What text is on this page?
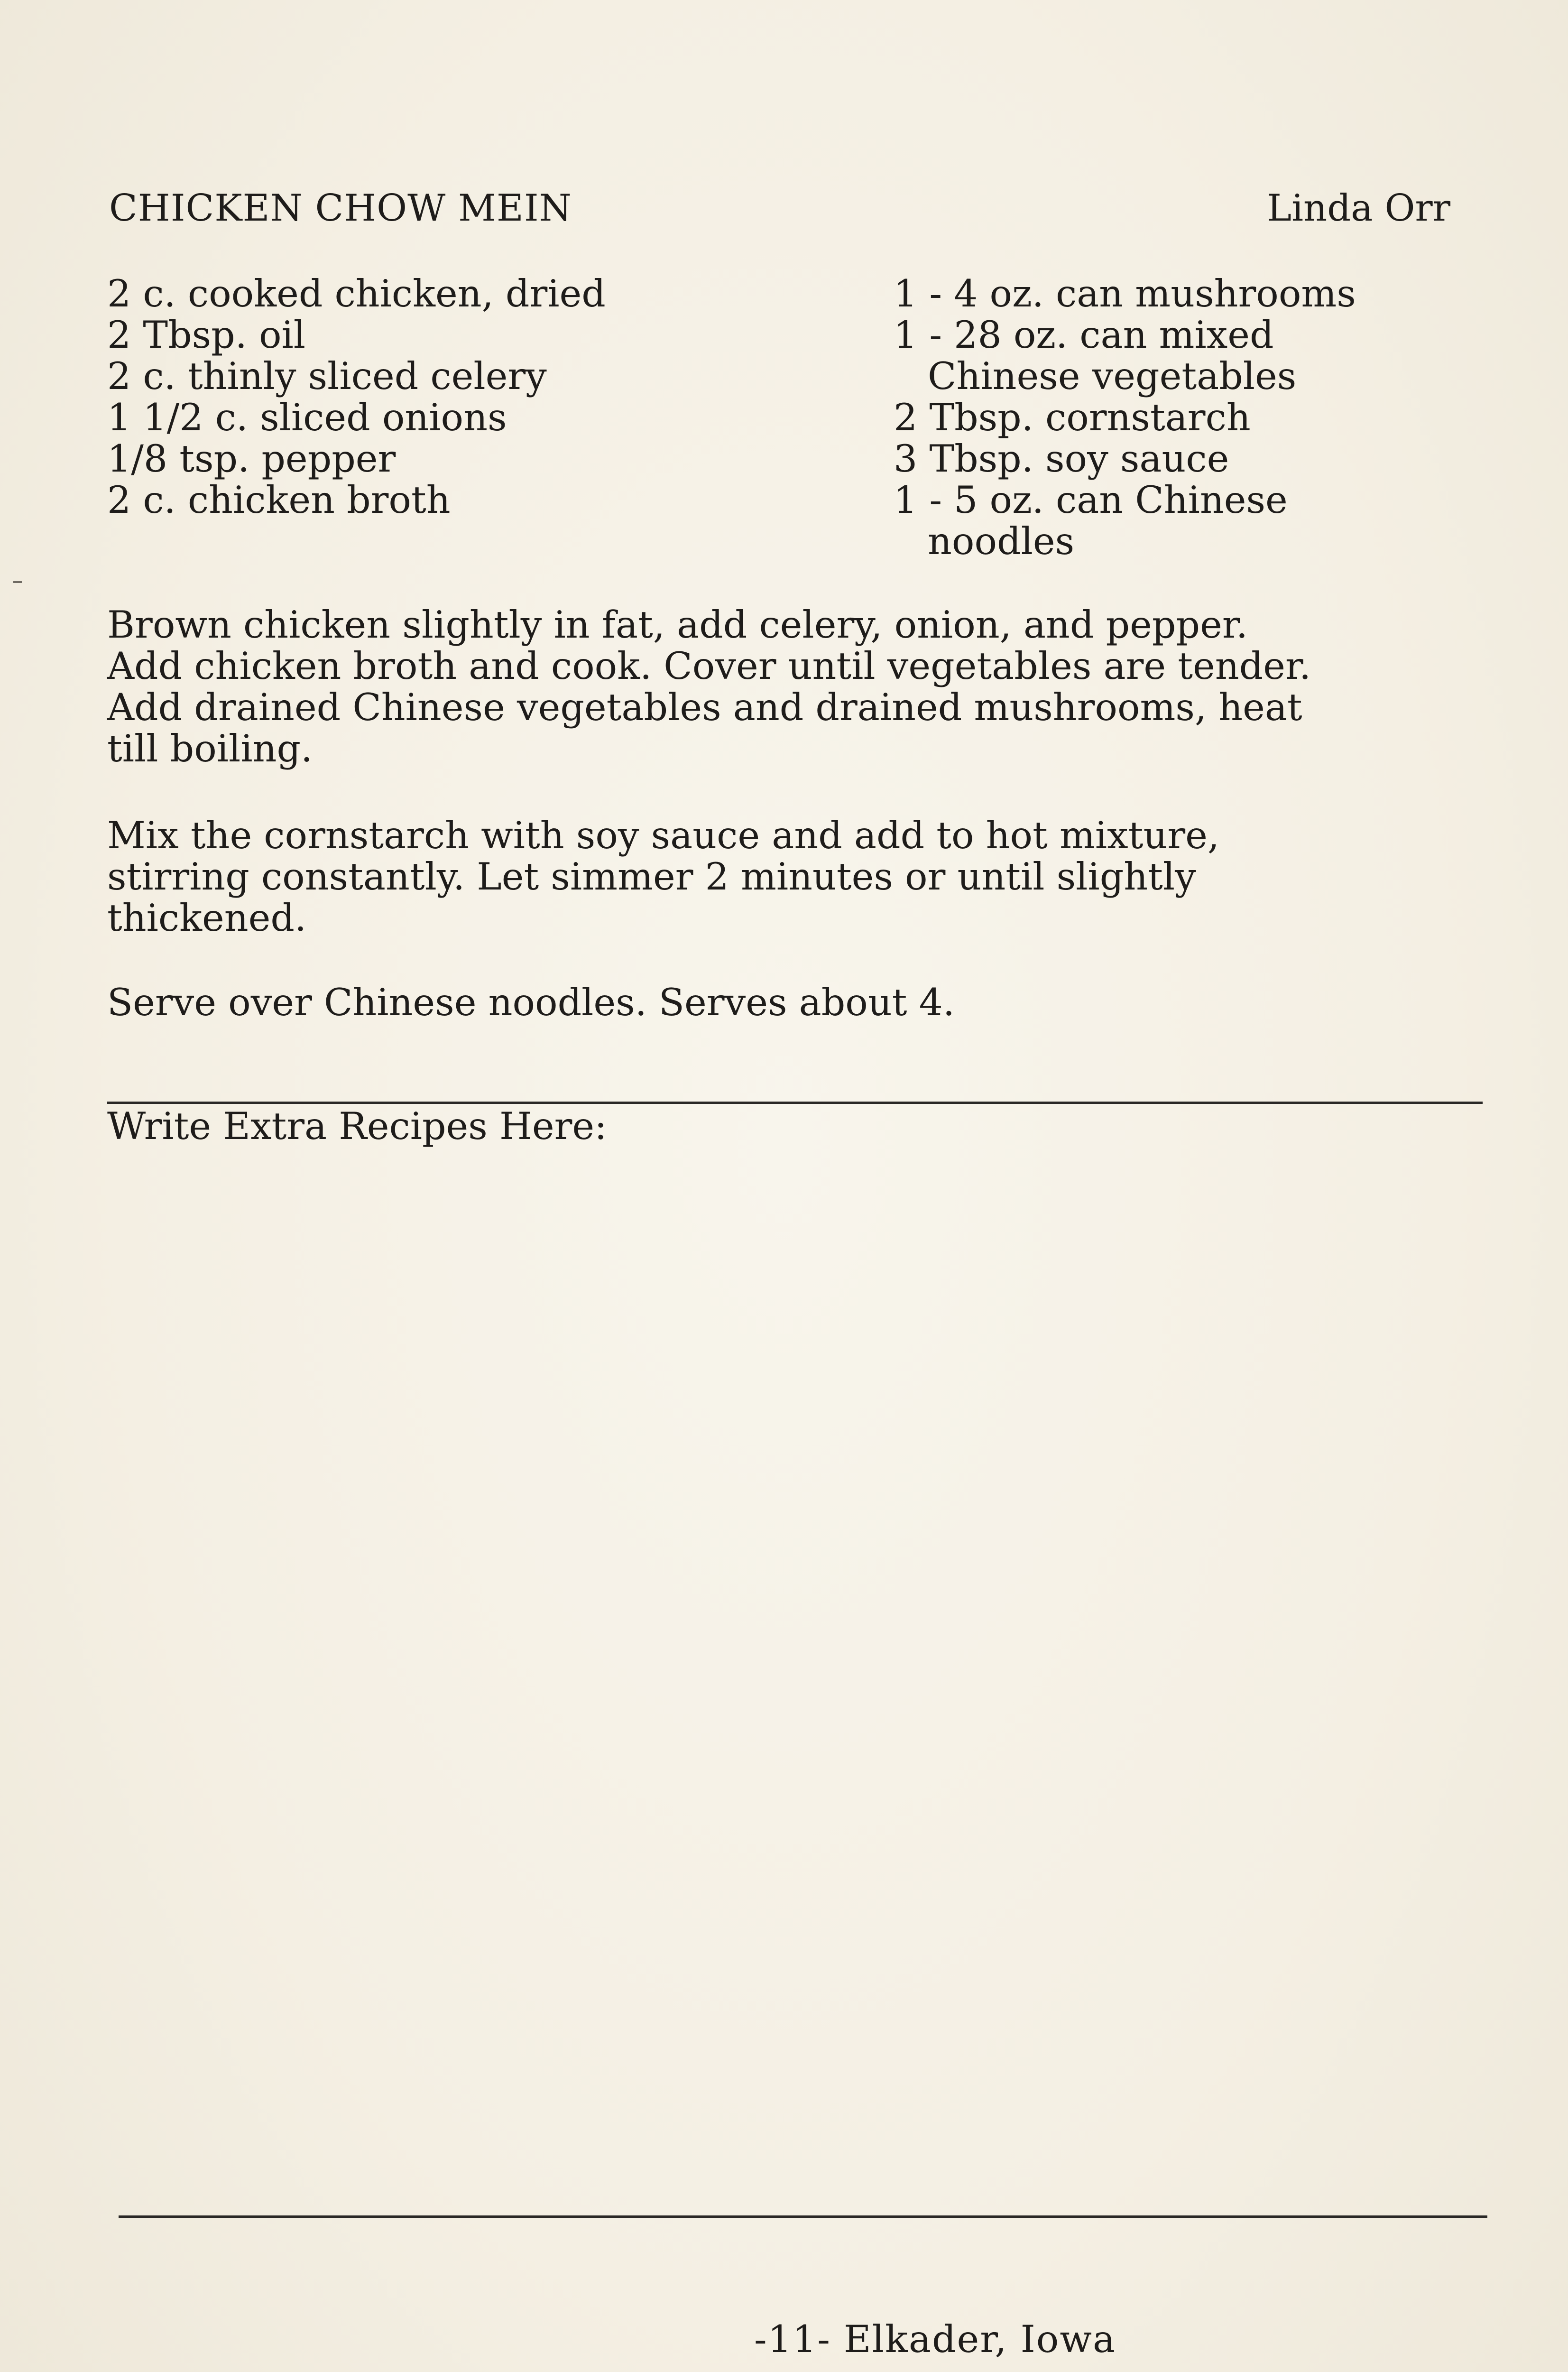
CHICKEN CHOW MEIN	Linda Orr
2 c. cooked chicken, dried
2 Tbsp. oil
2 c. thinly sliced celery
1 1/2 c. sliced onions
1/8 tsp. pepper
2 c. chicken broth
1 - 4 oz. can mushrooms
1 - 28 oz. can mixed
Chinese vegetables
2 Tbsp. cornstarch
3 Tbsp. soy sauce
1 - 5 oz. can Chinese
noodles

Brown chicken slightly in fat, add celery, onion, and pepper.
Add chicken broth and cook. Cover until vegetables are tender.
Add drained Chinese vegetables and drained mushrooms, heat
till boiling.

Mix the cornstarch with soy sauce and add to hot mixture,
stirring constantly. Let simmer 2 minutes or until slightly
thickened.

Serve over Chinese noodles. Serves about 4.

Write Extra Recipes Here:
-11- Elkader, Iowa
